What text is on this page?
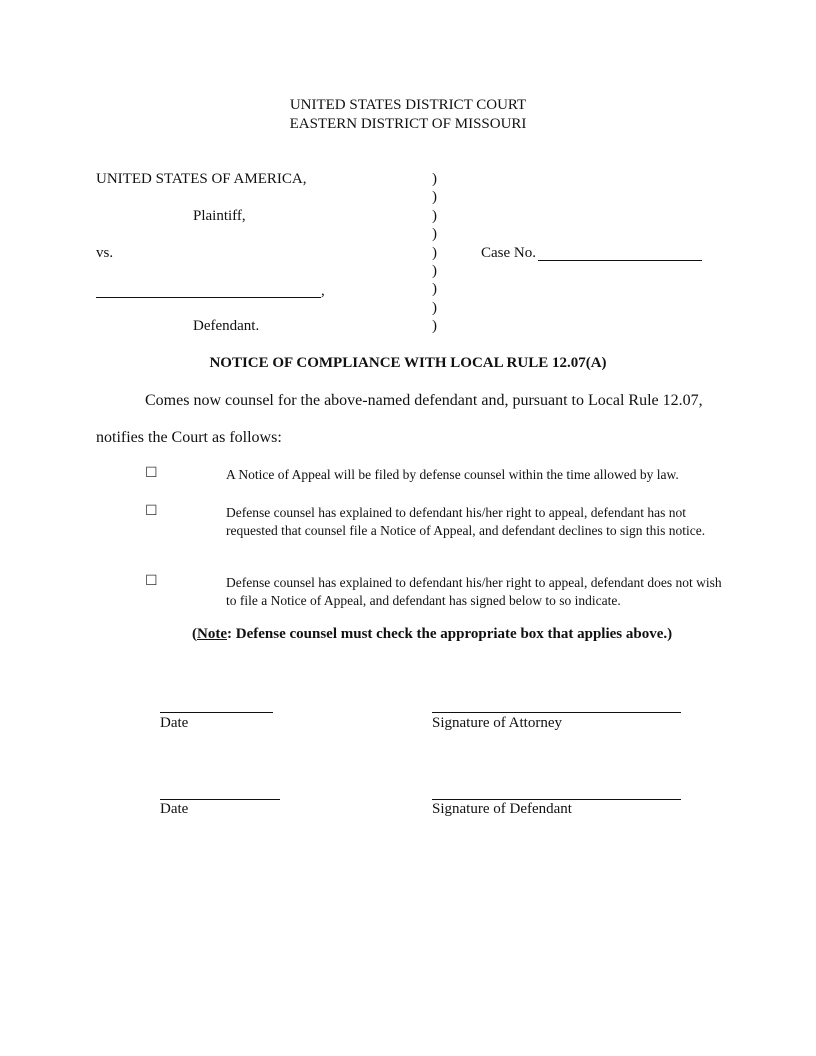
UNITED STATES DISTRICT COURT
EASTERN DISTRICT OF MISSOURI
UNITED STATES OF AMERICA,
Plaintiff,
vs.
,
Defendant.
)
)
)
)
)
)
)
)
)
Case No.
NOTICE OF COMPLIANCE WITH LOCAL RULE 12.07(A)
Comes now counsel for the above-named defendant and, pursuant to Local Rule 12.07,
notifies the Court as follows:
☐	A Notice of Appeal will be filed by defense counsel within the time allowed by law.
☐	Defense counsel has explained to defendant his/her right to appeal, defendant has not requested that counsel file a Notice of Appeal, and defendant declines to sign this notice.
☐	Defense counsel has explained to defendant his/her right to appeal, defendant does not wish to file a Notice of Appeal, and defendant has signed below to so indicate.
(Note: Defense counsel must check the appropriate box that applies above.)
Date	Signature of Attorney
Date	Signature of Defendant
